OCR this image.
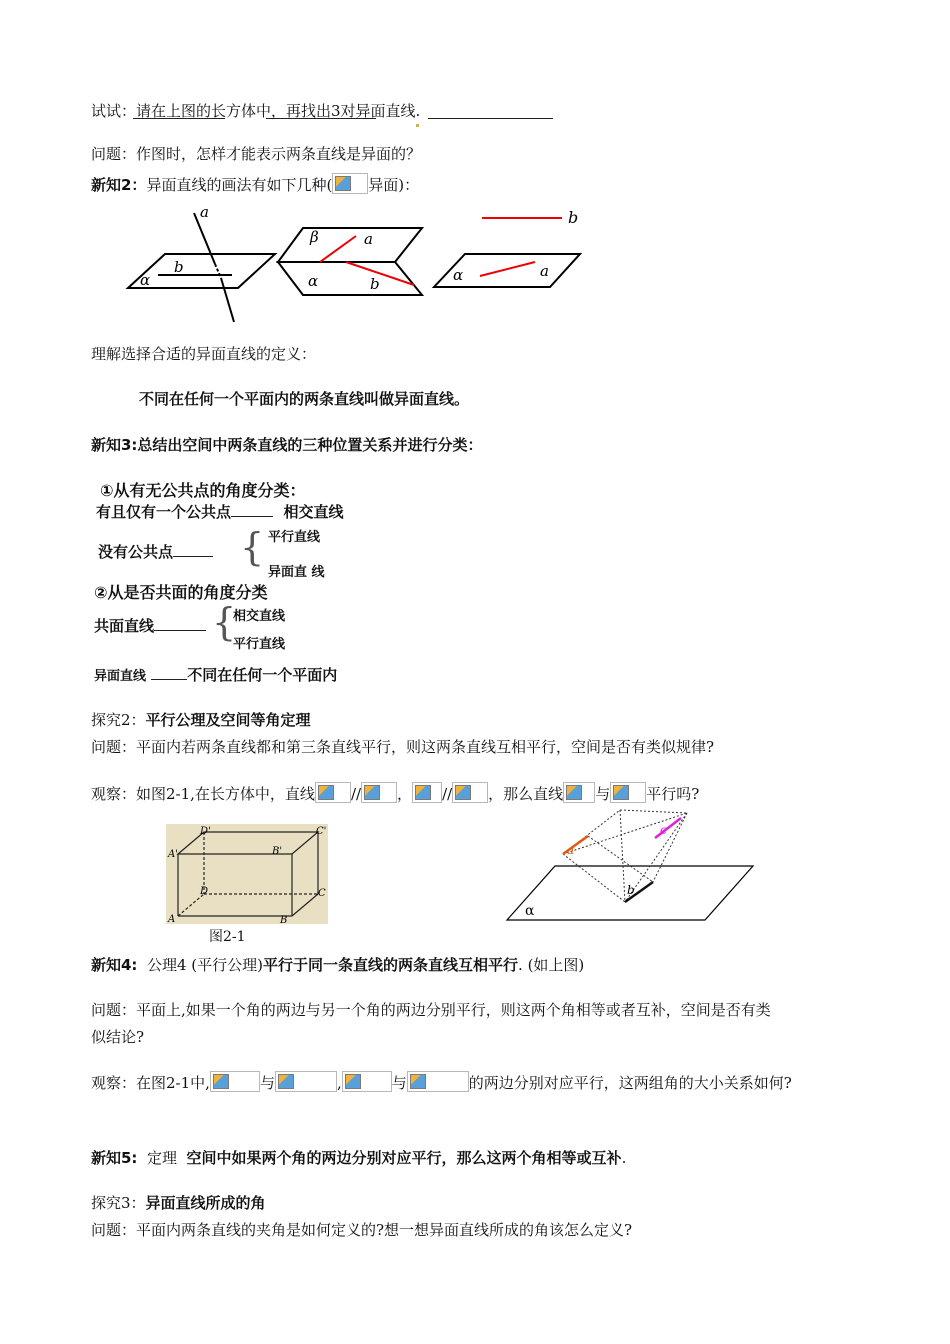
试试：请在上图的长方体中，再找出3对异面直线.
问题：作图时，怎样才能表示两条直线是异面的？
新知2：异面直线的画法有如下几种( 异面)：
a
b
α
β	a
α	b
b
a
α
理解选择合适的异面直线的定义：
不同在任何一个平面内的两条直线叫做异面直线。
新知3:总结出空间中两条直线的三种位置关系并进行分类：
①从有无公共点的角度分类：
有且仅有一个公共点	相交直线
没有公共点	{ 平行直线
异面直 线
②从是否共面的角度分类
共面直线	{
相交直线
平行直线
异面直线	不同在任何一个平面内
探究2：平行公理及空间等角定理
问题：平面内若两条直线都和第三条直线平行，则这两条直线互相平行，空间是否有类似规律?
观察：如图2-1,在长方体中，直线 // ， // ，那么直线 与 平行吗?
D'	C'
A'	B'
D	C
A	B
图2-1
a
c
b
α
新知4: 公理4 (平行公理)平行于同一条直线的两条直线互相平行. (如上图)
问题：平面上,如果一个角的两边与另一个角的两边分别平行，则这两个角相等或者互补，空间是否有类
似结论?
观察：在图2-1中,	与	,	与	的两边分别对应平行，这两组角的大小关系如何?
新知5: 定理 空间中如果两个角的两边分别对应平行，那么这两个角相等或互补.
探究3：异面直线所成的角
问题：平面内两条直线的夹角是如何定义的?想一想异面直线所成的角该怎么定义?
